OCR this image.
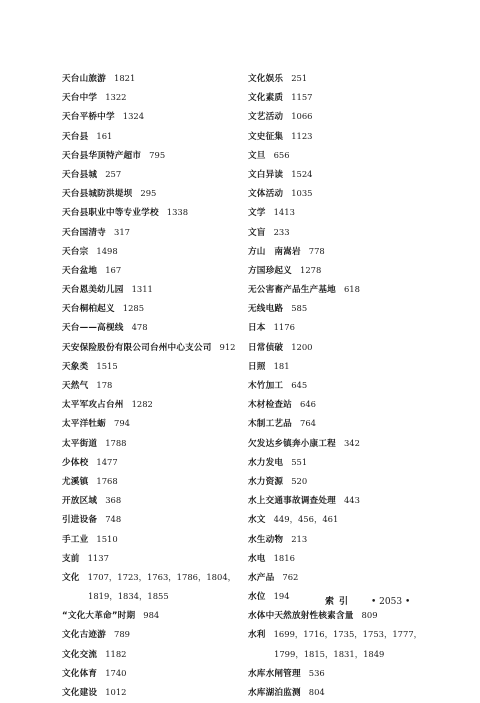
天台山旅游 1821
天台中学 1322
天台平桥中学 1324
天台县 161
天台县华顶特产超市 795
天台县城 257
天台县城防洪堤坝 295
天台县职业中等专业学校 1338
天台国清寺 317
天台宗 1498
天台盆地 167
天台恩美幼儿园 1311
天台桐柏起义 1285
天台——高枧线 478
天安保险股份有限公司台州中心支公司 912
天象类 1515
天然气 178
太平军攻占台州 1282
太平洋牡蛎 794
太平街道 1788
少体校 1477
尤溪镇 1768
开放区域 368
引进设备 748
手工业 1510
支前 1137
文化 1707，1723，1763，1786，1804，
1819，1834，1855
“文化大革命”时期 984
文化古迹游 789
文化交流 1182
文化体育 1740
文化建设 1012
文化娱乐 251
文化素质 1157
文艺活动 1066
文史征集 1123
文旦 656
文白异读 1524
文体活动 1035
文学 1413
文盲 233
方山　南嵩岩 778
方国珍起义 1278
无公害畜产品生产基地 618
无线电路 585
日本 1176
日常侦破 1200
日照 181
木竹加工 645
木材检查站 646
木制工艺品 764
欠发达乡镇奔小康工程 342
水力发电 551
水力资源 520
水上交通事故调查处理 443
水文 449，456，461
水生动物 213
水电 1816
水产品 762
水位 194
水体中天然放射性核素含量 809
水利 1699，1716，1735，1753，1777，
1799，1815，1831，1849
水库水闸管理 536
水库湖泊监测 804
索引 • 2053 •
